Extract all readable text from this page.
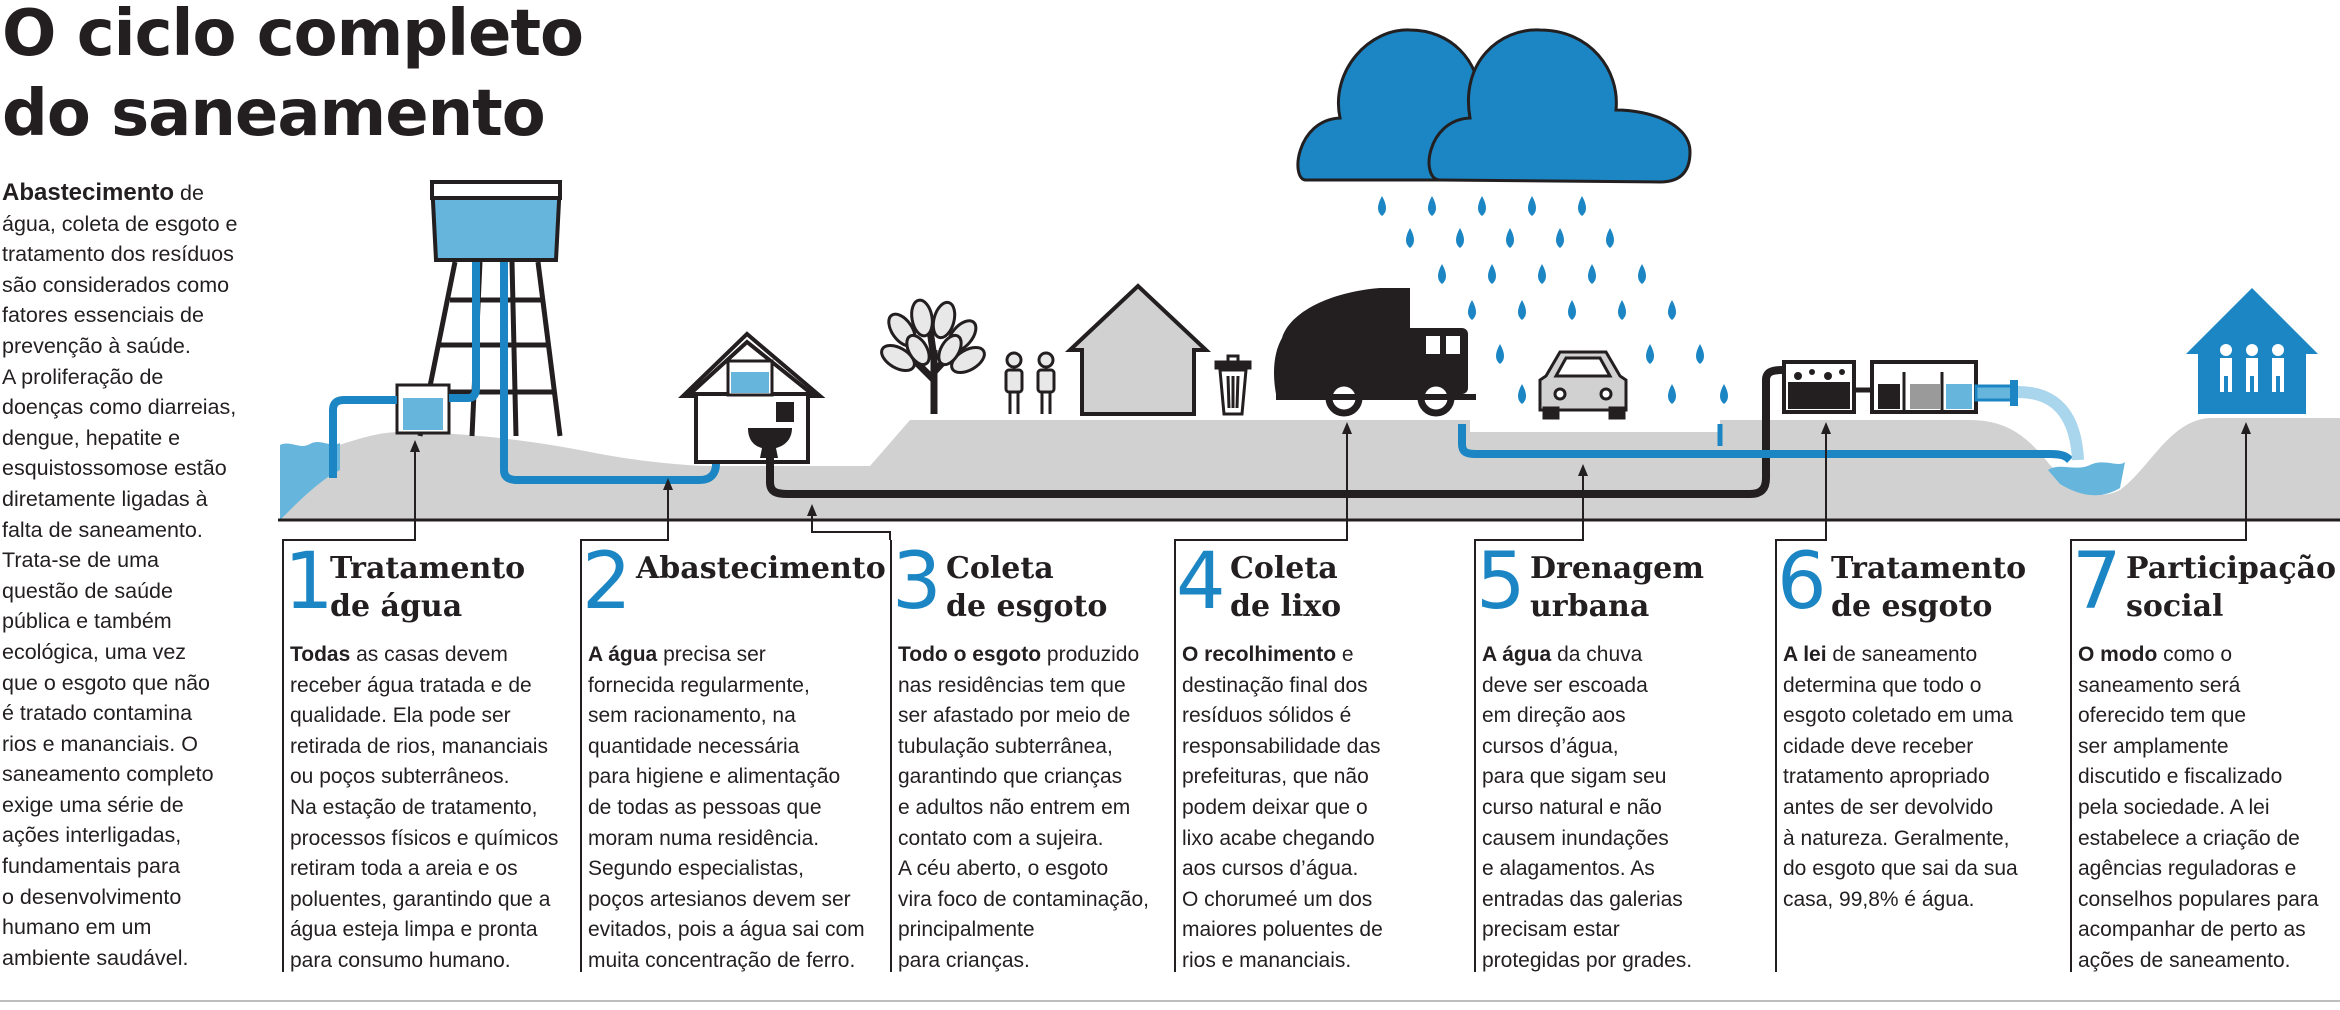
O ciclo completo
do saneamento

Abastecimento de
água, coleta de esgoto e
tratamento dos resíduos
são considerados como
fatores essenciais de
prevenção à saúde.
A proliferação de
doenças como diarreias,
dengue, hepatite e
esquistossomose estão
diretamente ligadas à
falta de saneamento.
Trata-se de uma
questão de saúde
pública e também
ecológica, uma vez
que o esgoto que não
é tratado contamina
rios e mananciais. O
saneamento completo
exige uma série de
ações interligadas,
fundamentais para
o desenvolvimento
humano em um
ambiente saudável.

1
Tratamento
de água
Todas as casas devem
receber água tratada e de
qualidade. Ela pode ser
retirada de rios, mananciais
ou poços subterrâneos.
Na estação de tratamento,
processos físicos e químicos
retiram toda a areia e os
poluentes, garantindo que a
água esteja limpa e pronta
para consumo humano.
2 Abastecimento
A água precisa ser
fornecida regularmente,
sem racionamento, na
quantidade necessária
para higiene e alimentação
de todas as pessoas que
moram numa residência.
Segundo especialistas,
poços artesianos devem ser
evitados, pois a água sai com
muita concentração de ferro.
3 Coleta
de esgoto
Todo o esgoto produzido
nas residências tem que
ser afastado por meio de
tubulação subterrânea,
garantindo que crianças
e adultos não entrem em
contato com a sujeira.
A céu aberto, o esgoto
vira foco de contaminação,
principalmente
para crianças.
4 Coleta
de lixo
O recolhimento e
destinação final dos
resíduos sólidos é
responsabilidade das
prefeituras, que não
podem deixar que o
lixo acabe chegando
aos cursos d’água.
O chorumeé um dos
maiores poluentes de
rios e mananciais.
5 Drenagem
urbana
A água da chuva
deve ser escoada
em direção aos
cursos d’água,
para que sigam seu
curso natural e não
causem inundações
e alagamentos. As
entradas das galerias
precisam estar
protegidas por grades.
6 Tratamento
de esgoto
A lei de saneamento
determina que todo o
esgoto coletado em uma
cidade deve receber
tratamento apropriado
antes de ser devolvido
à natureza. Geralmente,
do esgoto que sai da sua
casa, 99,8% é água.
7 Participação
social
O modo como o
saneamento será
oferecido tem que
ser amplamente
discutido e fiscalizado
pela sociedade. A lei
estabelece a criação de
agências reguladoras e
conselhos populares para
acompanhar de perto as
ações de saneamento.
